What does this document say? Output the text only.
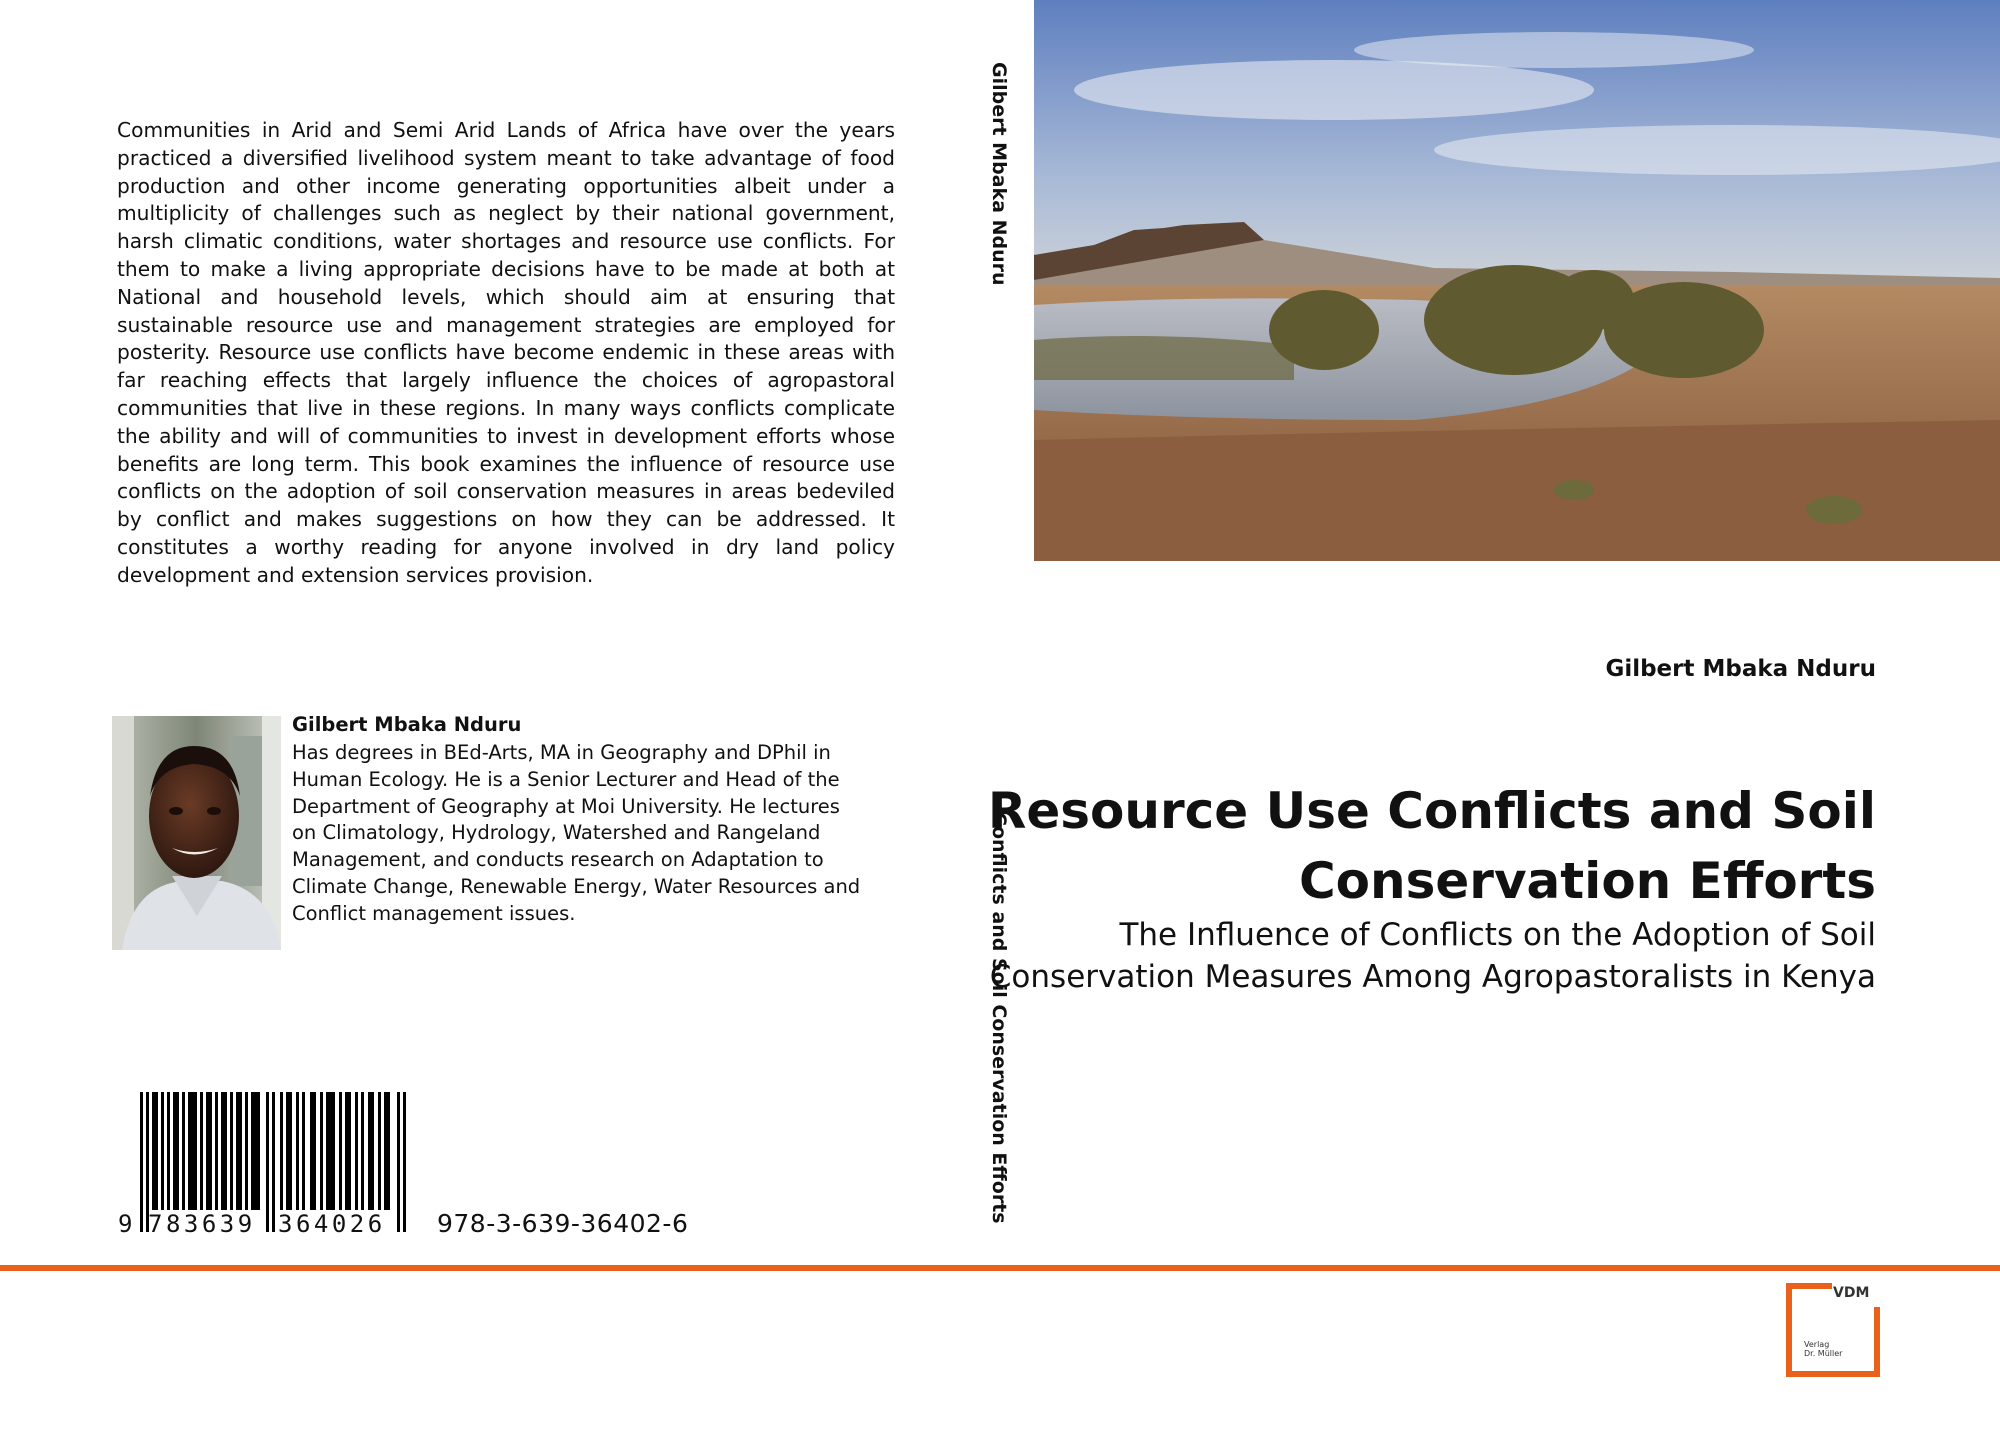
Communities in Arid and Semi Arid Lands of Africa have over the years practiced a diversified livelihood system meant to take advantage of food production and other income generating opportunities albeit under a multiplicity of challenges such as neglect by their national government, harsh climatic conditions, water shortages and resource use conflicts. For them to make a living appropriate decisions have to be made at both at National and household levels, which should aim at ensuring that sustainable resource use and management strategies are employed for posterity. Resource use conflicts have become endemic in these areas with far reaching effects that largely influence the choices of agropastoral communities that live in these regions. In many ways conflicts complicate the ability and will of communities to invest in development efforts whose benefits are long term. This book examines the influence of resource use conflicts on the adoption of soil conservation measures in areas bedeviled by conflict and makes suggestions on how they can be addressed. It constitutes a worthy reading for anyone involved in dry land policy development and extension services provision.
Gilbert Mbaka Nduru
Has degrees in BEd-Arts, MA in Geography and DPhil in Human Ecology. He is a Senior Lecturer and Head of the Department of Geography at Moi University. He lectures on Climatology, Hydrology, Watershed and Rangeland Management, and conducts research on Adaptation to Climate Change, Renewable Energy, Water Resources and Conflict management issues.
9 783639 364026 978-3-639-36402-6
Gilbert Mbaka Nduru
Conflicts and Soil Conservation Efforts
Gilbert Mbaka Nduru
Resource Use Conflicts and Soil Conservation Efforts
The Influence of Conflicts on the Adoption of Soil Conservation Measures Among Agropastoralists in Kenya
VDM
Verlag
Dr. Müller
